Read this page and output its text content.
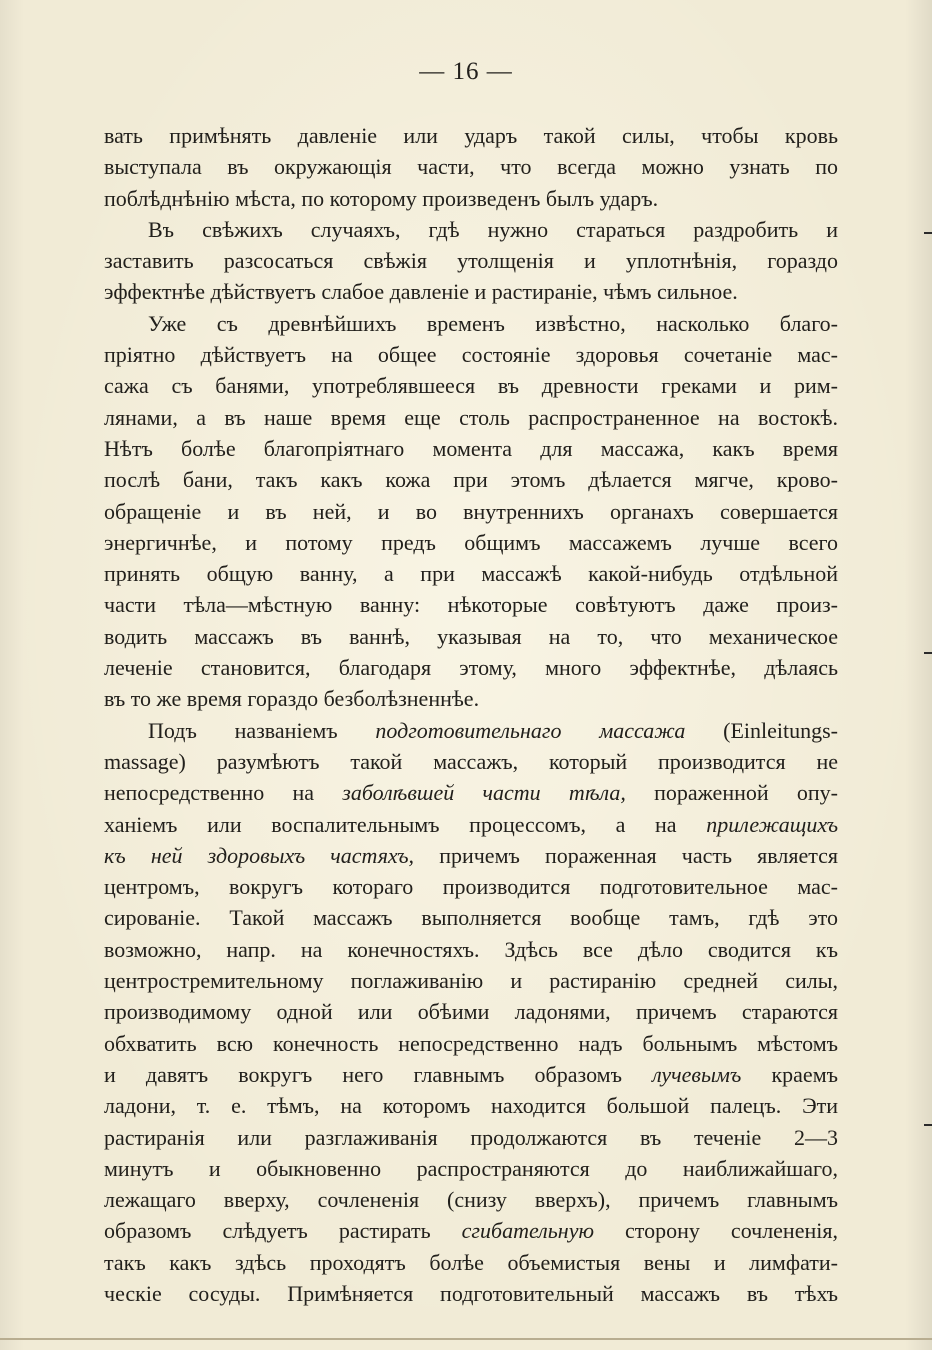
— 16 —
вать примѣнять давленіе или ударъ такой силы, чтобы кровь
выступала въ окружающія части, что всегда можно узнать по
поблѣднѣнію мѣста, по которому произведенъ былъ ударъ.
Въ свѣжихъ случаяхъ, гдѣ нужно стараться раздробить и
заставить разсосаться свѣжія утолщенія и уплотнѣнія, гораздо
эффектнѣе дѣйствуетъ слабое давленіе и растираніе, чѣмъ сильное.
Уже съ древнѣйшихъ временъ извѣстно, насколько благо-
пріятно дѣйствуетъ на общее состояніе здоровья сочетаніе мас-
сажа съ банями, употреблявшееся въ древности греками и рим-
лянами, а въ наше время еще столь распространенное на востокѣ.
Нѣтъ болѣе благопріятнаго момента для массажа, какъ время
послѣ бани, такъ какъ кожа при этомъ дѣлается мягче, крово-
обращеніе и въ ней, и во внутреннихъ органахъ совершается
энергичнѣе, и потому предъ общимъ массажемъ лучше всего
принять общую ванну, а при массажѣ какой-нибудь отдѣльной
части тѣла—мѣстную ванну: нѣкоторые совѣтуютъ даже произ-
водить массажъ въ ваннѣ, указывая на то, что механическое
леченіе становится, благодаря этому, много эффектнѣе, дѣлаясь
въ то же время гораздо безболѣзненнѣе.
Подъ названіемъ подготовительнаго массажа (Einleitungs-
massage) разумѣютъ такой массажъ, который производится не
непосредственно на заболѣвшей части тѣла, пораженной опу-
ханіемъ или воспалительнымъ процессомъ, а на прилежащихъ
къ ней здоровыхъ частяхъ, причемъ пораженная часть является
центромъ, вокругъ котораго производится подготовительное мас-
сированіе. Такой массажъ выполняется вообще тамъ, гдѣ это
возможно, напр. на конечностяхъ. Здѣсь все дѣло сводится къ
центростремительному поглаживанію и растиранію средней силы,
производимому одной или обѣими ладонями, причемъ стараются
обхватить всю конечность непосредственно надъ больнымъ мѣстомъ
и давятъ вокругъ него главнымъ образомъ лучевымъ краемъ
ладони, т. е. тѣмъ, на которомъ находится большой палецъ. Эти
растиранія или разглаживанія продолжаются въ теченіе 2—3
минутъ и обыкновенно распространяются до наиближайшаго,
лежащаго вверху, сочлененія (снизу вверхъ), причемъ главнымъ
образомъ слѣдуетъ растирать сгибательную сторону сочлененія,
такъ какъ здѣсь проходятъ болѣе объемистыя вены и лимфати-
ческіе сосуды. Примѣняется подготовительный массажъ въ тѣхъ
